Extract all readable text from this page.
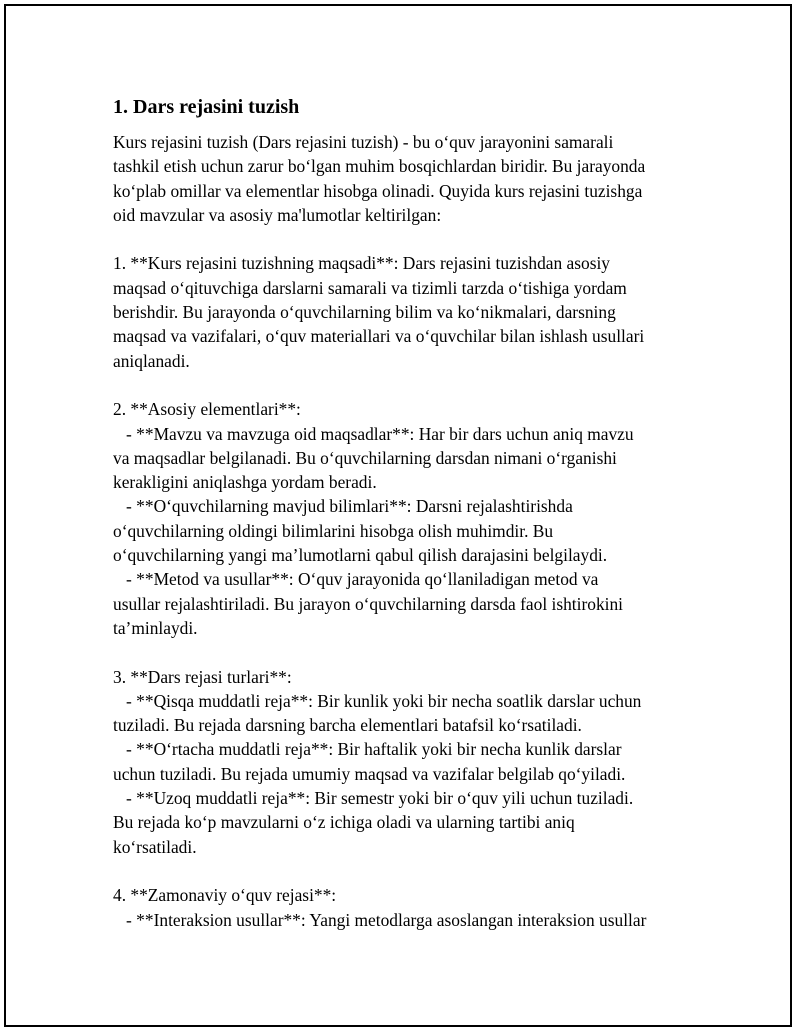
1. Dars rejasini tuzish

Kurs rejasini tuzish (Dars rejasini tuzish) - bu o‘quv jarayonini samarali
tashkil etish uchun zarur bo‘lgan muhim bosqichlardan biridir. Bu jarayonda
ko‘plab omillar va elementlar hisobga olinadi. Quyida kurs rejasini tuzishga
oid mavzular va asosiy ma'lumotlar keltirilgan:

1. **Kurs rejasini tuzishning maqsadi**: Dars rejasini tuzishdan asosiy
maqsad o‘qituvchiga darslarni samarali va tizimli tarzda o‘tishiga yordam
berishdir. Bu jarayonda o‘quvchilarning bilim va ko‘nikmalari, darsning
maqsad va vazifalari, o‘quv materiallari va o‘quvchilar bilan ishlash usullari
aniqlanadi.

2. **Asosiy elementlari**:
- **Mavzu va mavzuga oid maqsadlar**: Har bir dars uchun aniq mavzu
va maqsadlar belgilanadi. Bu o‘quvchilarning darsdan nimani o‘rganishi
kerakligini aniqlashga yordam beradi.
- **O‘quvchilarning mavjud bilimlari**: Darsni rejalashtirishda
o‘quvchilarning oldingi bilimlarini hisobga olish muhimdir. Bu
o‘quvchilarning yangi ma’lumotlarni qabul qilish darajasini belgilaydi.
- **Metod va usullar**: O‘quv jarayonida qo‘llaniladigan metod va
usullar rejalashtiriladi. Bu jarayon o‘quvchilarning darsda faol ishtirokini
ta’minlaydi.

3. **Dars rejasi turlari**:
- **Qisqa muddatli reja**: Bir kunlik yoki bir necha soatlik darslar uchun
tuziladi. Bu rejada darsning barcha elementlari batafsil ko‘rsatiladi.
- **O‘rtacha muddatli reja**: Bir haftalik yoki bir necha kunlik darslar
uchun tuziladi. Bu rejada umumiy maqsad va vazifalar belgilab qo‘yiladi.
- **Uzoq muddatli reja**: Bir semestr yoki bir o‘quv yili uchun tuziladi.
Bu rejada ko‘p mavzularni o‘z ichiga oladi va ularning tartibi aniq
ko‘rsatiladi.

4. **Zamonaviy o‘quv rejasi**:
- **Interaksion usullar**: Yangi metodlarga asoslangan interaksion usullar
